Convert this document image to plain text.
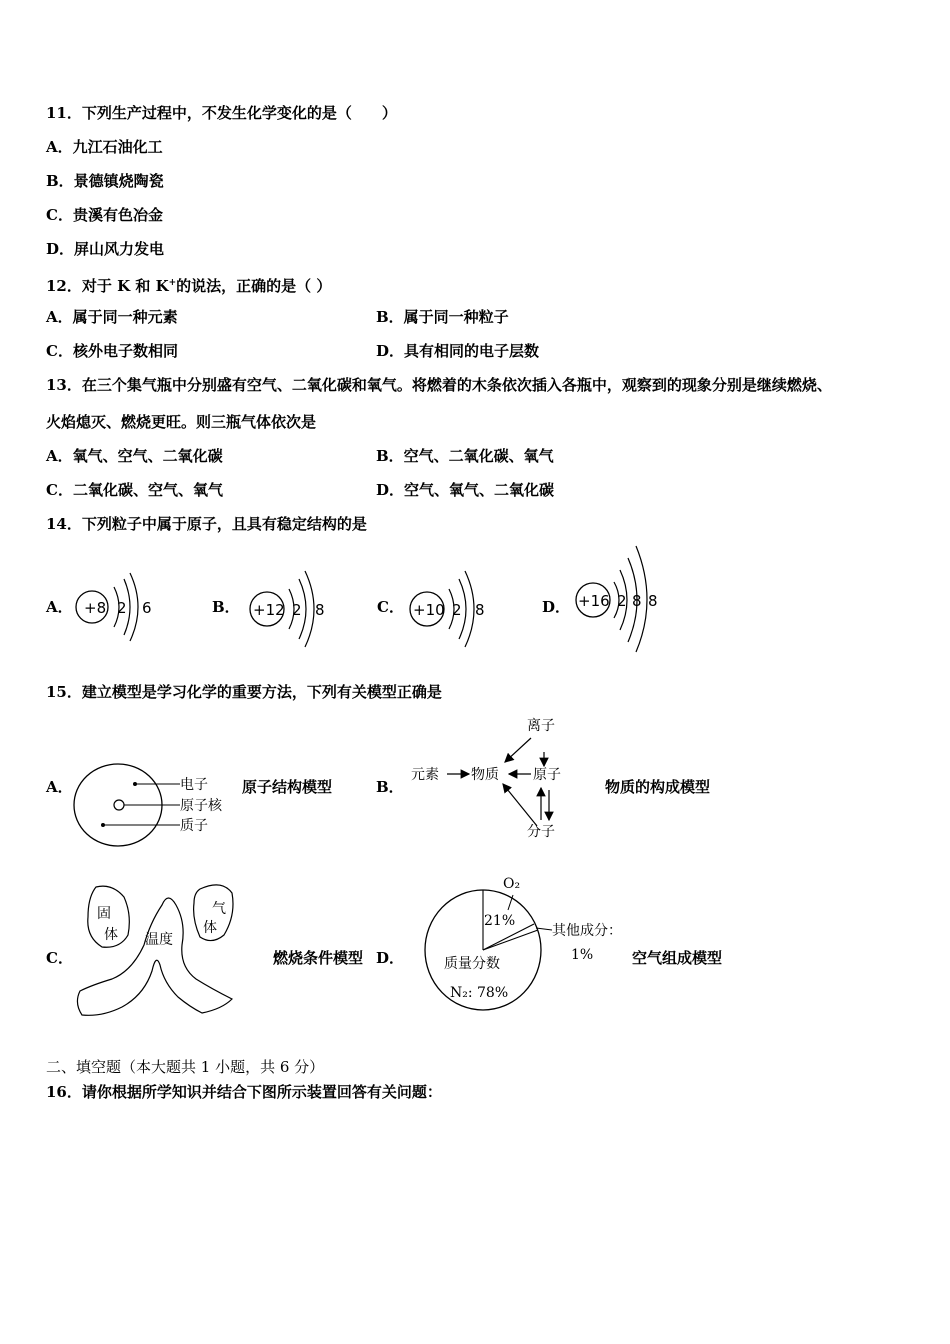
11．下列生产过程中，不发生化学变化的是（　　）
A．九江石油化工
B．景德镇烧陶瓷
C．贵溪有色冶金
D．屏山风力发电
12．对于 K 和 K+的说法，正确的是（ ）
A．属于同一种元素	B．属于同一种粒子
C．核外电子数相同	D．具有相同的电子层数
13．在三个集气瓶中分别盛有空气、二氧化碳和氧气。将燃着的木条依次插入各瓶中，观察到的现象分别是继续燃烧、
火焰熄灭、燃烧更旺。则三瓶气体依次是
A．氧气、空气、二氧化碳	B．空气、二氧化碳、氧气
C．二氧化碳、空气、氧气	D．空气、氧气、二氧化碳
14．下列粒子中属于原子，且具有稳定结构的是
A． +8 2 6	B． +12 2 8	C． +10 2 8	D． +16 2 8 8
15．建立模型是学习化学的重要方法，下列有关模型正确是
A．	电子
原子核
质子
原子结构模型	B．
离子
元素 物质 原子
分子
物质的构成模型
C．
固
体
气
体
温度
燃烧条件模型 D．
O₂
21%
其他成分：
1%
质量分数
N₂: 78%
空气组成模型
二、填空题（本大题共 1 小题，共 6 分）
16．请你根据所学知识并结合下图所示装置回答有关问题：
